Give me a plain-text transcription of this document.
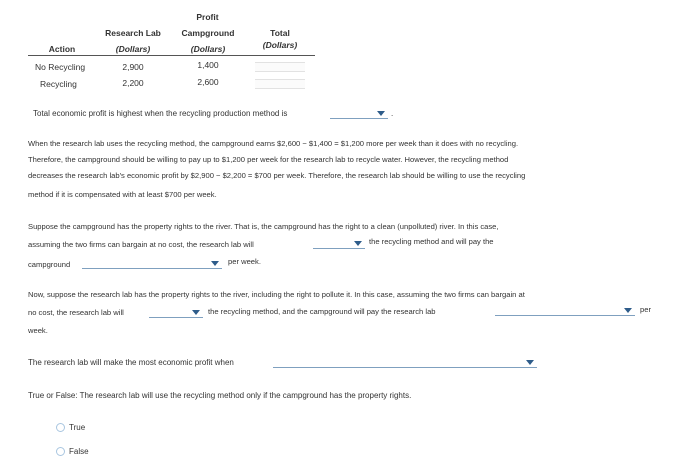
Profit
Research Lab	Campground	Total
Action	(Dollars)	(Dollars)	(Dollars)
No Recycling	2,900	1,400
Recycling	2,200	2,600
Total economic profit is highest when the recycling production method is	.
When the research lab uses the recycling method, the campground earns $2,600 − $1,400 = $1,200 more per week than it does with no recycling.
Therefore, the campground should be willing to pay up to $1,200 per week for the research lab to recycle water. However, the recycling method
decreases the research lab's economic profit by $2,900 − $2,200 = $700 per week. Therefore, the research lab should be willing to use the recycling
method if it is compensated with at least $700 per week.
Suppose the campground has the property rights to the river. That is, the campground has the right to a clean (unpolluted) river. In this case,
assuming the two firms can bargain at no cost, the research lab will	the recycling method and will pay the
campground	per week.
Now, suppose the research lab has the property rights to the river, including the right to pollute it. In this case, assuming the two firms can bargain at
no cost, the research lab will	the recycling method, and the campground will pay the research lab	per
week.
The research lab will make the most economic profit when
True or False: The research lab will use the recycling method only if the campground has the property rights.
True
False
